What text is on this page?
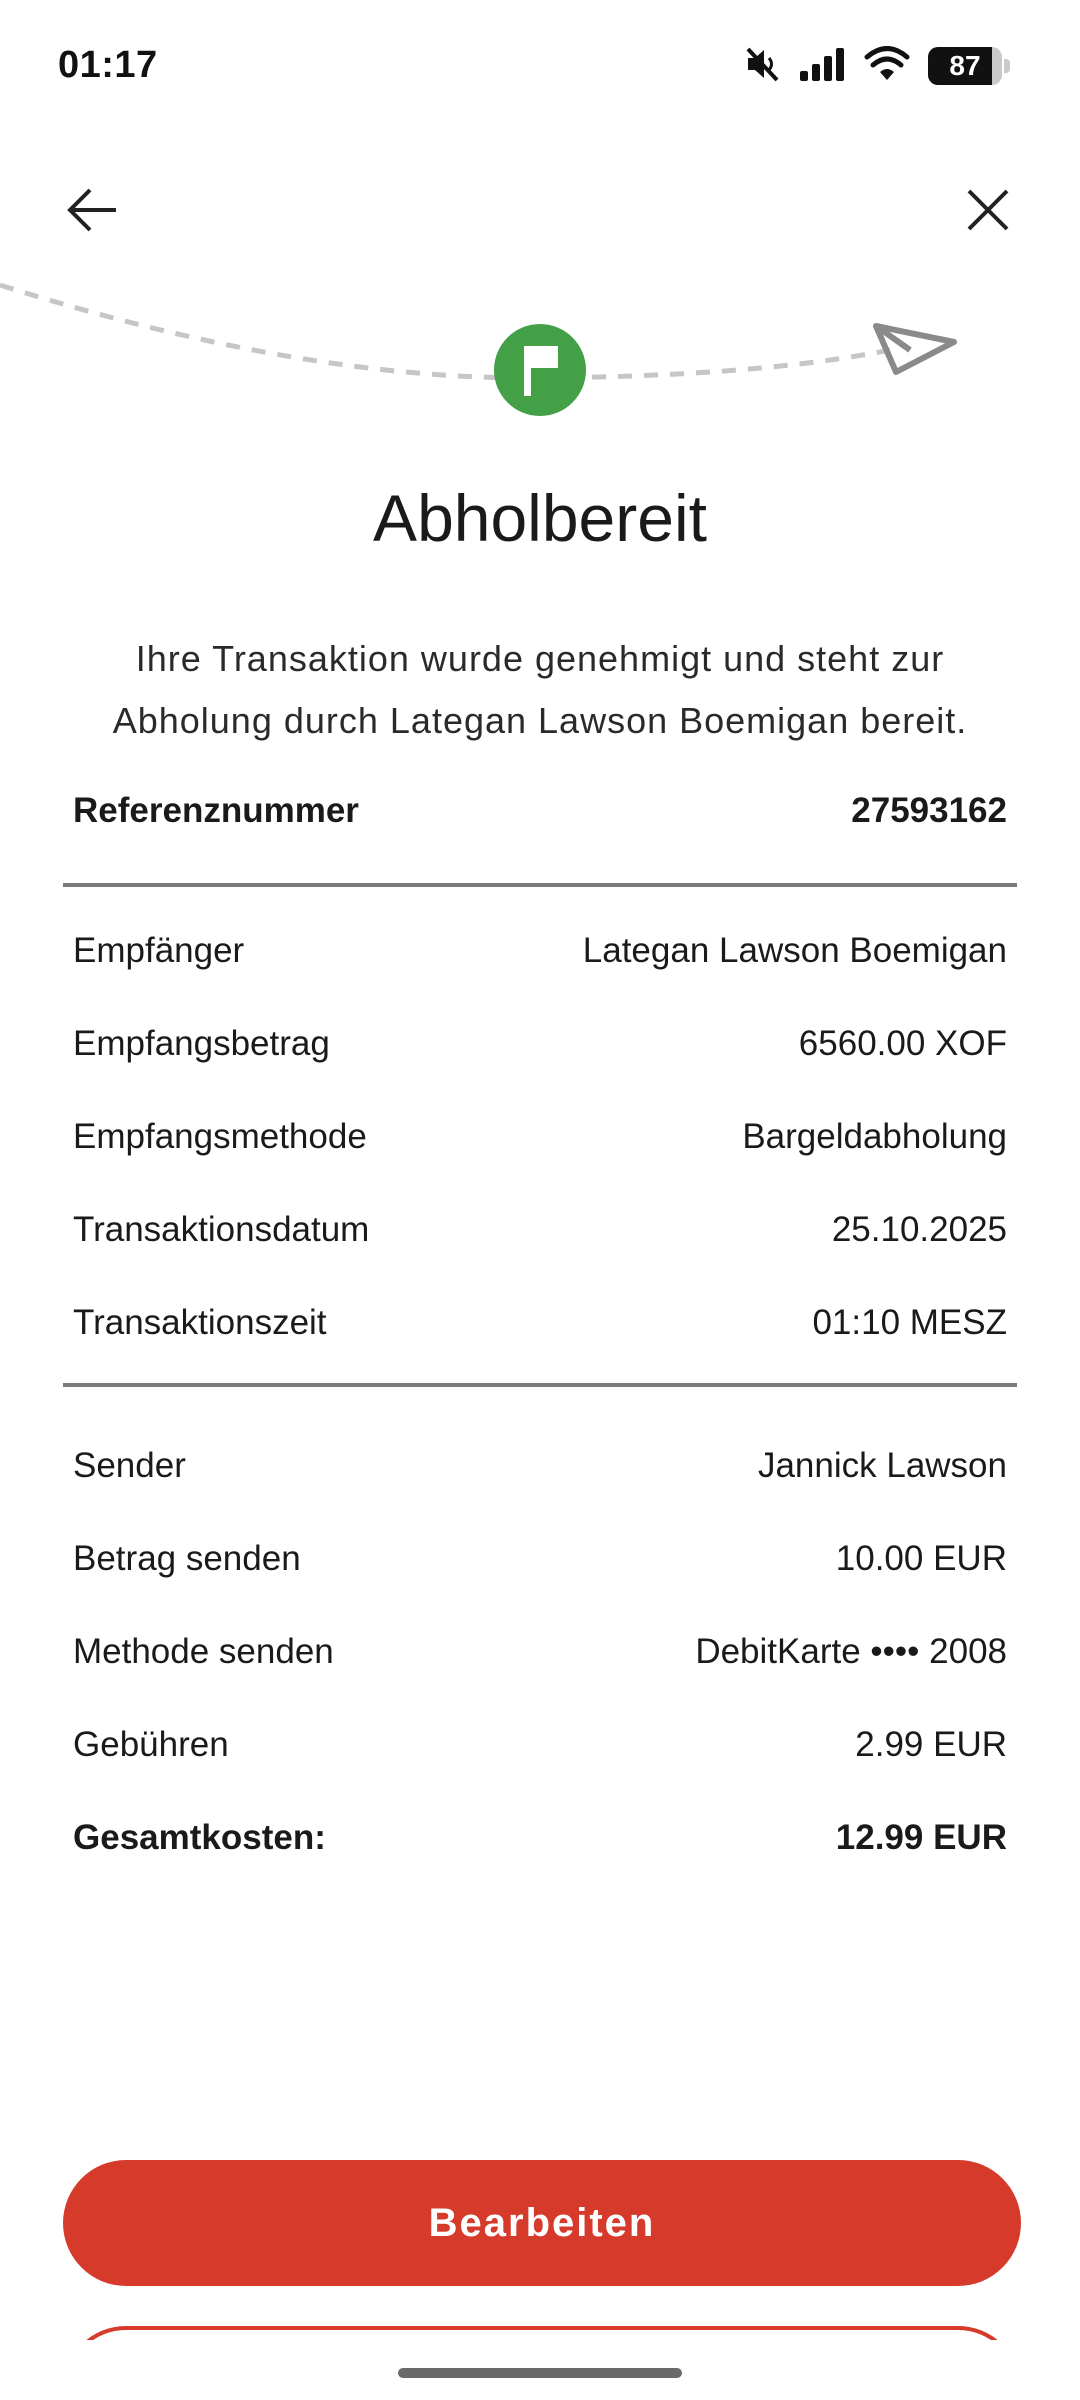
01:17	87
Abholbereit

Ihre Transaktion wurde genehmigt und steht zur Abholung durch Lategan Lawson Boemigan bereit.

Referenznummer	27593162
Empfänger	Lategan Lawson Boemigan
Empfangsbetrag	6560.00 XOF
Empfangsmethode	Bargeldabholung
Transaktionsdatum	25.10.2025
Transaktionszeit	01:10 MESZ
Sender	Jannick Lawson
Betrag senden	10.00 EUR
Methode senden	DebitKarte •••• 2008
Gebühren	2.99 EUR
Gesamtkosten:	12.99 EUR
Bearbeiten
